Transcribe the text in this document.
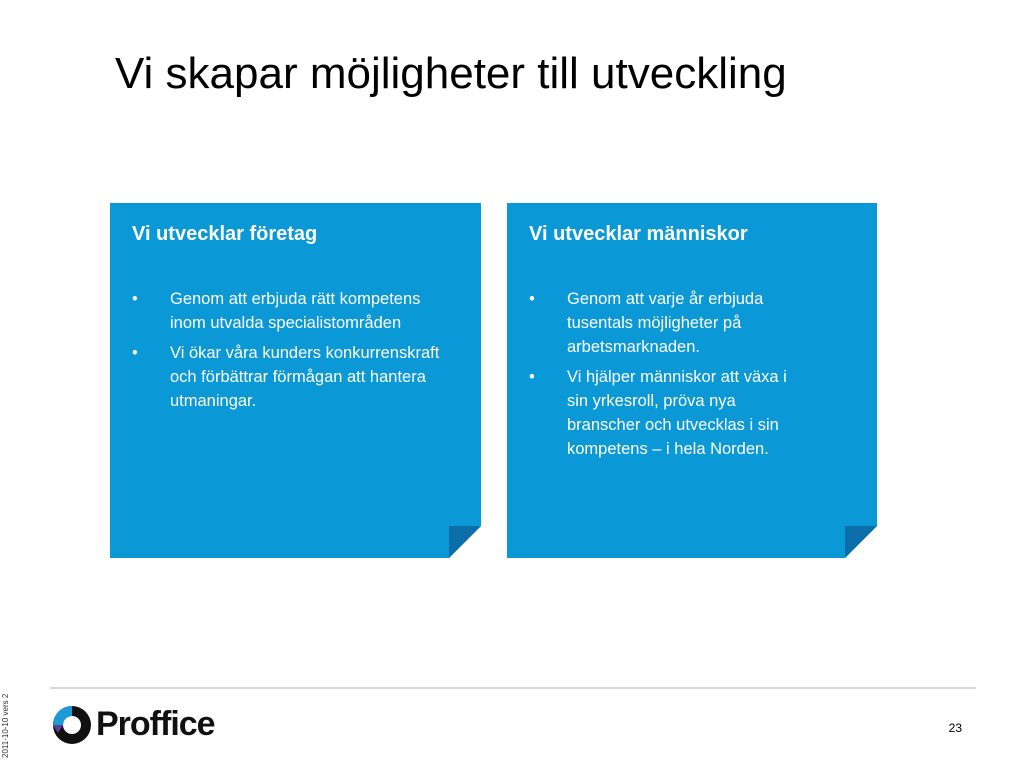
Vi skapar möjligheter till utveckling
Vi utvecklar företag
• Genom att erbjuda rätt kompetens inom utvalda specialistområden
• Vi ökar våra kunders konkurrenskraft och förbättrar förmågan att hantera utmaningar.
Vi utvecklar människor
• Genom att varje år erbjuda tusentals möjligheter på arbetsmarknaden.
• Vi hjälper människor att växa i sin yrkesroll, pröva nya branscher och utvecklas i sin kompetens – i hela Norden.
Proffice	23
2011-10-10 vers 2
